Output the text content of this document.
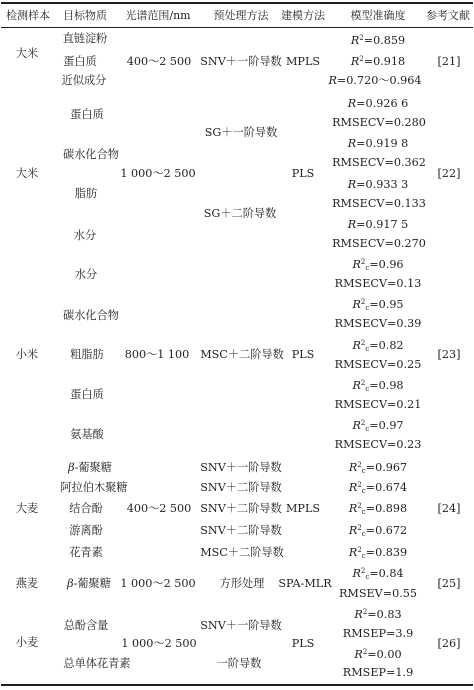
检测样本 目标物质 光谱范围/nm 预处理方法 建模方法 模型准确度 参考文献
大米
直链淀粉
蛋白质
近似成分
400～2 500 SNV＋一阶导数 MPLS
$R^2=0.859$
$R^2=0.918$
R=0.720～0.964
[21]
大米
蛋白质
碳水化合物
脂肪
水分
1 000～2 500
SG＋一阶导数
SG＋二阶导数
PLS
R=0.926 6
RMSECV=0.280
R=0.919 8
RMSECV=0.362
R=0.933 3
RMSECV=0.133
R=0.917 5
RMSECV=0.270
[22]
小米
水分
碳水化合物
粗脂肪
蛋白质
氨基酸
800～1 100 MSC＋二阶导数 PLS
$R^2_c=0.96$
RMSECV=0.13
$R^2_c=0.95$
RMSECV=0.39
$R^2_c=0.82$
RMSECV=0.25
$R^2_c=0.98$
RMSECV=0.21
$R^2_c=0.97$
RMSECV=0.23
[23]
大麦
β-葡聚糖
阿拉伯木聚糖
结合酚
游离酚
花青素
400～2 500
SNV＋一阶导数
SNV＋二阶导数
SNV＋二阶导数
SNV＋二阶导数
MSC＋二阶导数
MPLS
$R^2_c=0.967$
$R^2_c=0.674$
$R^2_c=0.898$
$R^2_c=0.672$
$R^2_c=0.839$
[24]
燕麦	β-葡聚糖 1 000～2 500 方形处理 SPA-MLR
$R^2_c=0.84$
RMSEV=0.55
[25]
小麦
总酚含量
总单体花青素
1 000～2 500
SNV＋一阶导数
一阶导数
PLS
$R^2=0.83$
RMSEP=3.9
$R^2=0.00$
RMSEP=1.9
[26]
